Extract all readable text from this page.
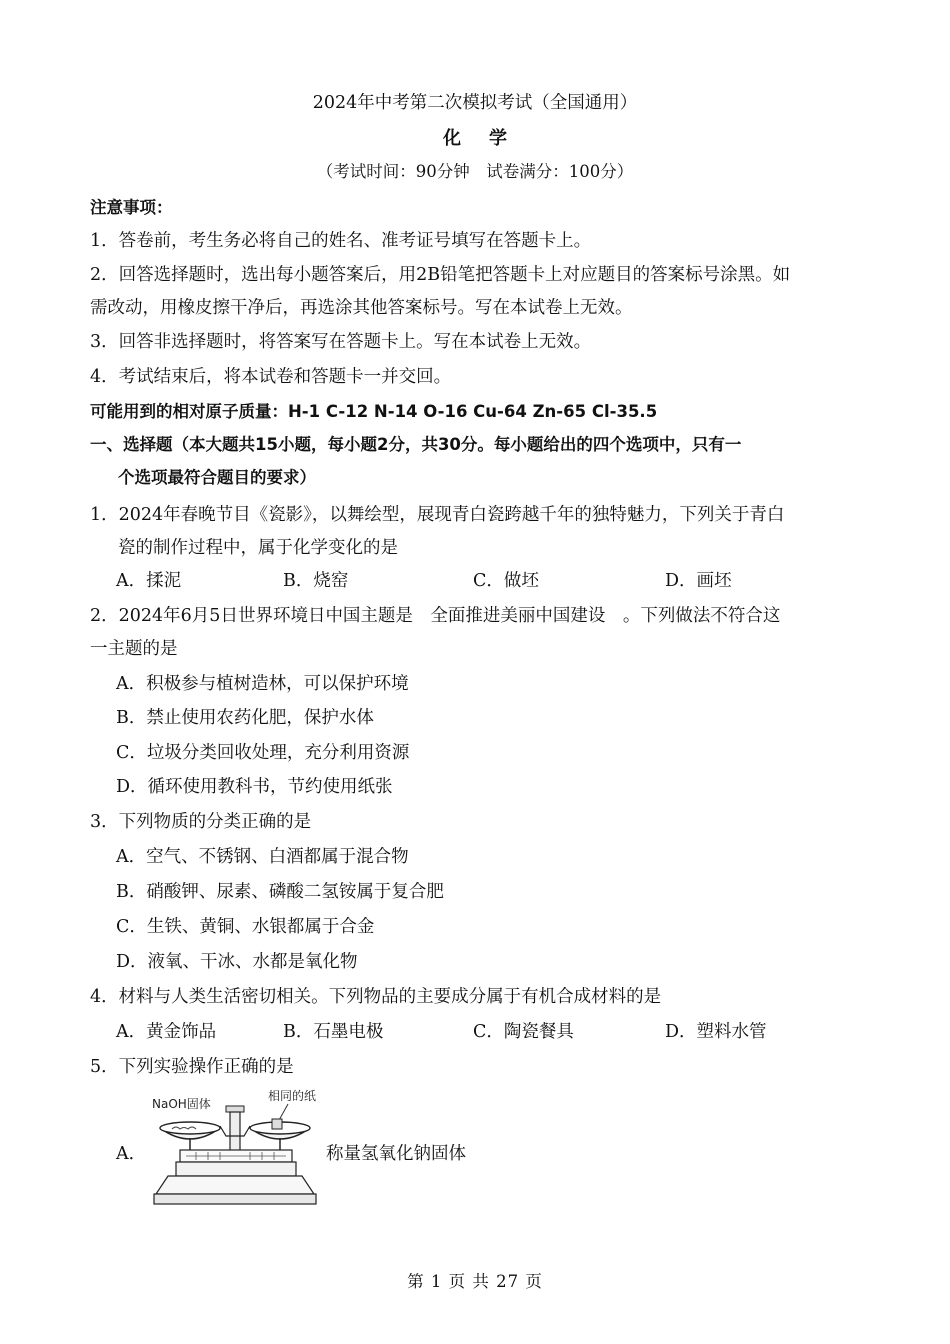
2024年中考第二次模拟考试（全国通用）
化学
（考试时间：90分钟　试卷满分：100分）
注意事项：
1．答卷前，考生务必将自己的姓名、准考证号填写在答题卡上。
2．回答选择题时，选出每小题答案后，用2B铅笔把答题卡上对应题目的答案标号涂黑。如
需改动，用橡皮擦干净后，再选涂其他答案标号。写在本试卷上无效。
3．回答非选择题时，将答案写在答题卡上。写在本试卷上无效。
4．考试结束后，将本试卷和答题卡一并交回。
可能用到的相对原子质量：H-1 C-12 N-14 O-16 Cu-64 Zn-65 Cl-35.5
一、选择题（本大题共15小题，每小题2分，共30分。每小题给出的四个选项中，只有一
个选项最符合题目的要求）
1．2024年春晚节目《瓷影》，以舞绘型，展现青白瓷跨越千年的独特魅力，下列关于青白
瓷的制作过程中，属于化学变化的是
A．揉泥	B．烧窑	C．做坯	D．画坯
2．2024年6月5日世界环境日中国主题是　全面推进美丽中国建设　。下列做法不符合这
一主题的是
A．积极参与植树造林，可以保护环境
B．禁止使用农药化肥，保护水体
C．垃圾分类回收处理，充分利用资源
D．循环使用教科书，节约使用纸张
3．下列物质的分类正确的是
A．空气、不锈钢、白酒都属于混合物
B．硝酸钾、尿素、磷酸二氢铵属于复合肥
C．生铁、黄铜、水银都属于合金
D．液氧、干冰、水都是氧化物
4．材料与人类生活密切相关。下列物品的主要成分属于有机合成材料的是
A．黄金饰品	B．石墨电极	C．陶瓷餐具	D．塑料水管
5．下列实验操作正确的是
A．
NaOH固体
相同的纸
称量氢氧化钠固体
第 1 页 共 27 页
